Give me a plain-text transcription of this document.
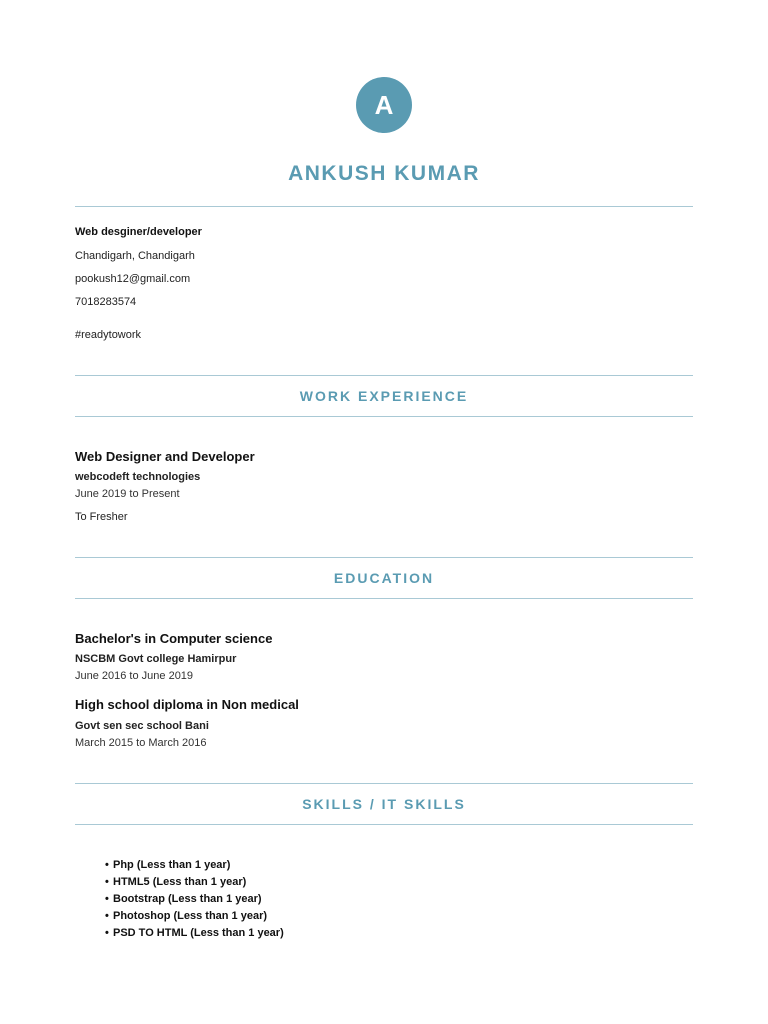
A
ANKUSH KUMAR
Web desginer/developer
Chandigarh, Chandigarh
pookush12@gmail.com
7018283574
#readytowork
WORK EXPERIENCE
Web Designer and Developer
webcodeft technologies
June 2019 to Present
To Fresher
EDUCATION
Bachelor's in Computer science
NSCBM Govt college Hamirpur
June 2016 to June 2019
High school diploma in Non medical
Govt sen sec school Bani
March 2015 to March 2016
SKILLS / IT SKILLS
• Php (Less than 1 year)
• HTML5 (Less than 1 year)
• Bootstrap (Less than 1 year)
• Photoshop (Less than 1 year)
• PSD TO HTML (Less than 1 year)
